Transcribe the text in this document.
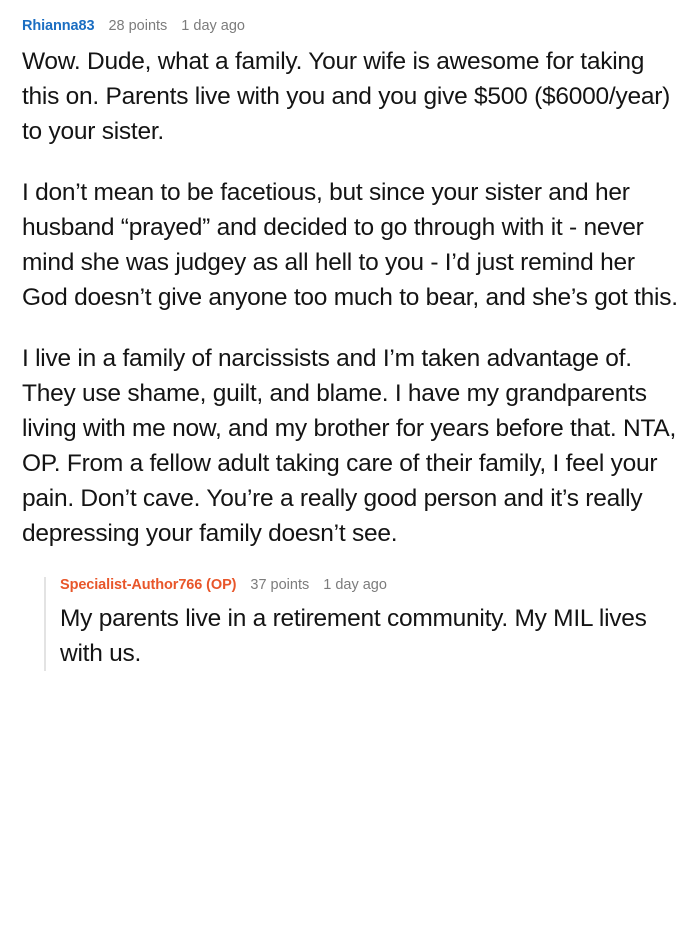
Rhianna83 28 points 1 day ago

Wow. Dude, what a family. Your wife is awesome for taking this on. Parents live with you and you give $500 ($6000/year) to your sister.

I don’t mean to be facetious, but since your sister and her husband “prayed” and decided to go through with it - never mind she was judgey as all hell to you - I’d just remind her God doesn’t give anyone too much to bear, and she’s got this.

I live in a family of narcissists and I’m taken advantage of. They use shame, guilt, and blame. I have my grandparents living with me now, and my brother for years before that. NTA, OP. From a fellow adult taking care of their family, I feel your pain. Don’t cave. You’re a really good person and it’s really depressing your family doesn’t see.

Specialist-Author766 (OP) 37 points 1 day ago

My parents live in a retirement community. My MIL lives with us.
